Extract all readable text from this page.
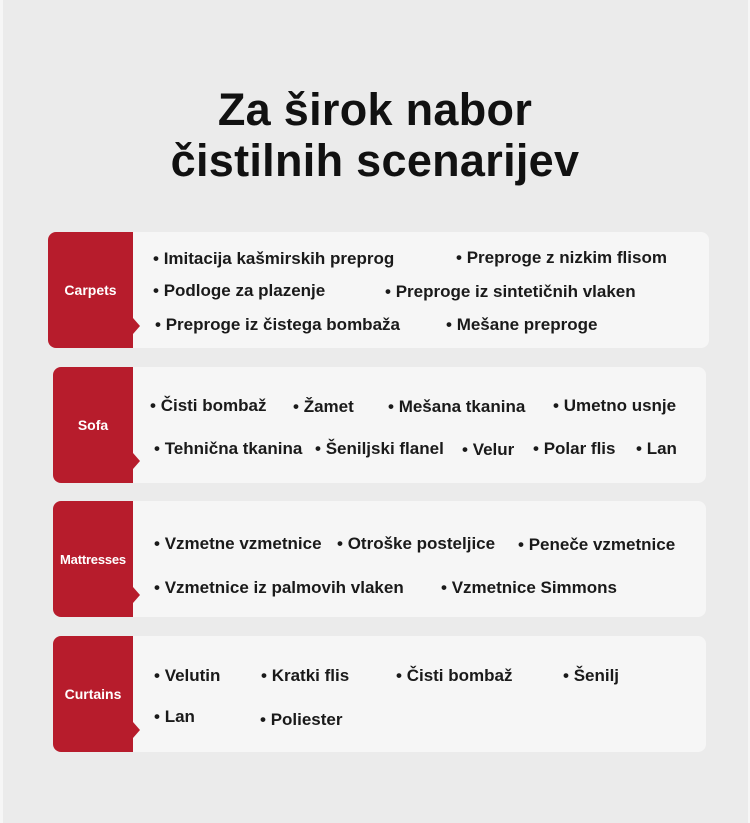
Za širok nabor
čistilnih scenarijev
Carpets
• Imitacija kašmirskih preprog	• Preproge z nizkim flisom
• Podloge za plazenje	• Preproge iz sintetičnih vlaken
• Preproge iz čistega bombaža	• Mešane preproge
Sofa
• Čisti bombaž	• Žamet	• Mešana tkanina	• Umetno usnje
• Tehnična tkanina	• Šeniljski flanel	• Velur	• Polar flis	• Lan
Mattresses
• Vzmetne vzmetnice	• Otroške posteljice	• Peneče vzmetnice
• Vzmetnice iz palmovih vlaken	• Vzmetnice Simmons
Curtains
• Velutin	• Kratki flis	• Čisti bombaž	• Šenilj
• Lan	• Poliester
